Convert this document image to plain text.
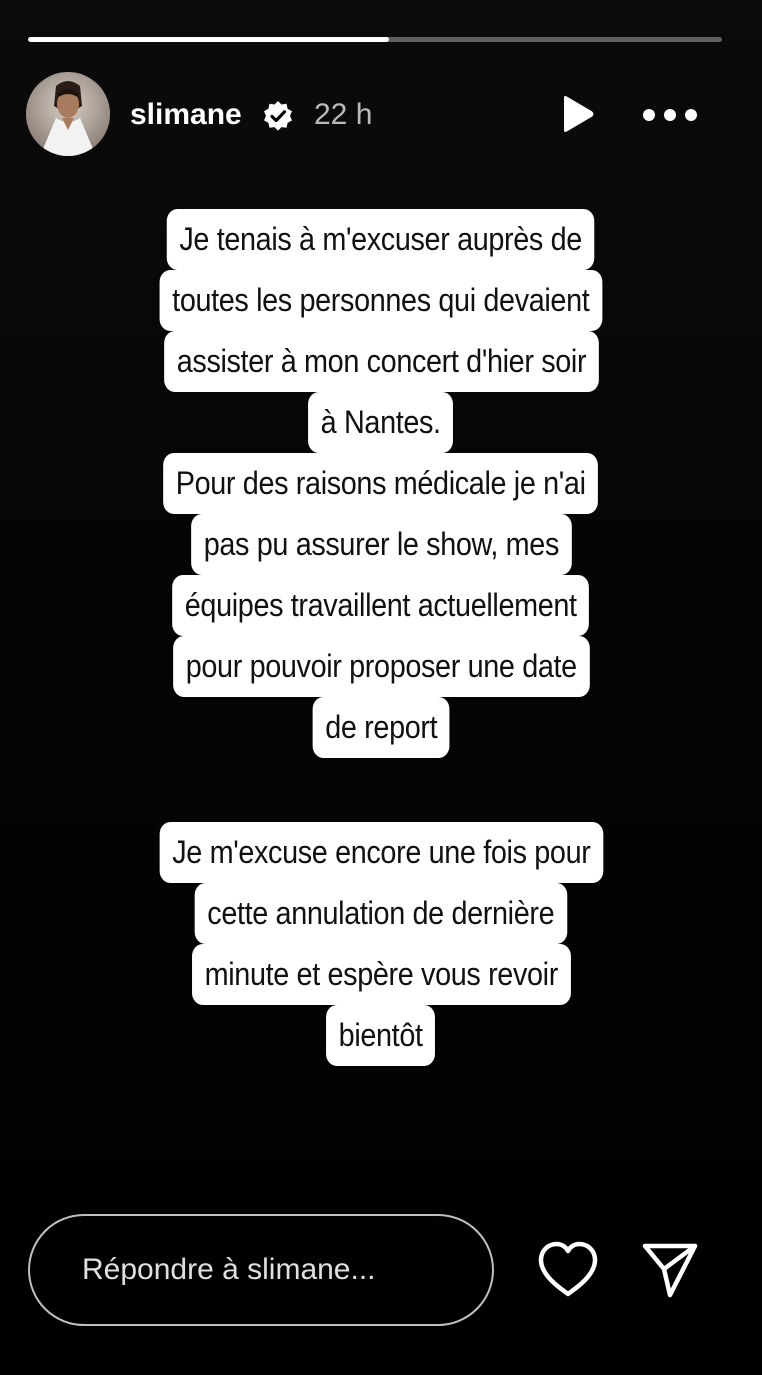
slimane 22 h
Je tenais à m'excuser auprès de
toutes les personnes qui devaient
assister à mon concert d'hier soir
à Nantes.
Pour des raisons médicale je n'ai
pas pu assurer le show, mes
équipes travaillent actuellement
pour pouvoir proposer une date
de report
Je m'excuse encore une fois pour
cette annulation de dernière
minute et espère vous revoir
bientôt
Répondre à slimane...
